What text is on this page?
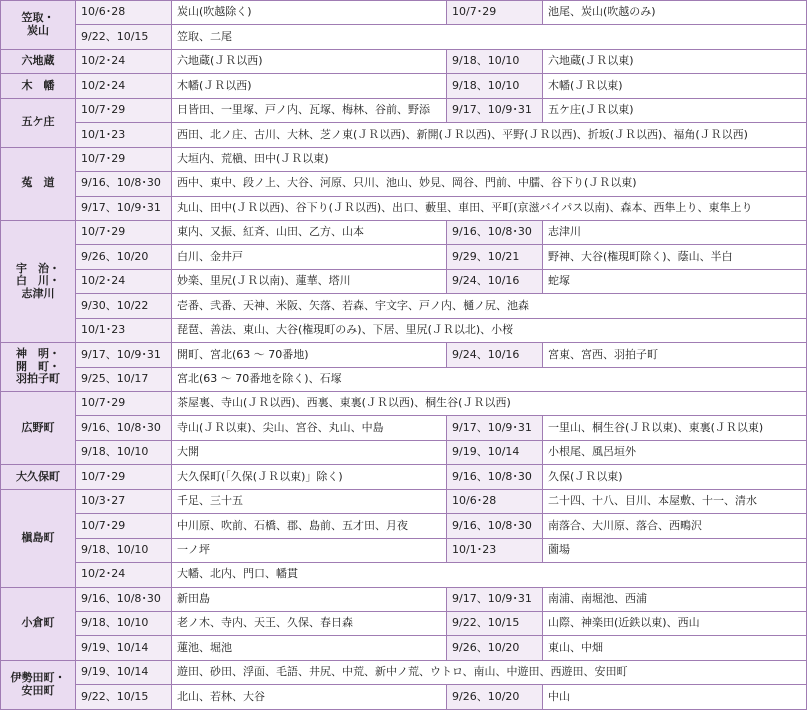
笠取・
炭山	10/6･28	炭山(吹越除く)	10/7･29	池尾、炭山(吹越のみ)
	9/22、10/15	笠取、二尾		
六地蔵	10/2･24	六地蔵(ＪＲ以西)	9/18、10/10	六地蔵(ＪＲ以東)
木　幡	10/2･24	木幡(ＪＲ以西)	9/18、10/10	木幡(ＪＲ以東)
五ケ庄	10/7･29	日皆田、一里塚、戸ノ内、瓦塚、梅林、谷前、野添	9/17、10/9･31	五ケ庄(ＪＲ以東)
	10/1･23	西田、北ノ庄、古川、大林、芝ノ東(ＪＲ以西)、新開(ＪＲ以西)、平野(ＪＲ以西)、折坂(ＪＲ以西)、福角(ＪＲ以西)		
菟　道	10/7･29	大垣内、荒槇、田中(ＪＲ以東)		
	9/16、10/8･30	西中、東中、段ノ上、大谷、河原、只川、池山、妙見、岡谷、門前、中臑、谷下り(ＪＲ以東)		
	9/17、10/9･31	丸山、田中(ＪＲ以西)、谷下り(ＪＲ以西)、出口、藪里、車田、平町(京滋バイパス以南)、森本、西隼上り、東隼上り		
宇　治・
白　川・
志津川	10/7･29	東内、又振、紅斉、山田、乙方、山本	9/16、10/8･30	志津川
	9/26、10/20	白川、金井戸	9/29、10/21	野神、大谷(権現町除く)、蔭山、半白
	10/2･24	妙楽、里尻(ＪＲ以南)、蓮華、塔川	9/24、10/16	蛇塚
	9/30、10/22	壱番、弐番、天神、米阪、矢落、若森、宇文字、戸ノ内、樋ノ尻、池森		
	10/1･23	琵琶、善法、東山、大谷(権現町のみ)、下居、里尻(ＪＲ以北)、小桜		
神　明・
開　町・
羽拍子町	9/17、10/9･31	開町、宮北(63 ～ 70番地)	9/24、10/16	宮東、宮西、羽拍子町
	9/25、10/17	宮北(63 ～ 70番地を除く)、石塚		
広野町	10/7･29	茶屋裏、寺山(ＪＲ以西)、西裏、東裏(ＪＲ以西)、桐生谷(ＪＲ以西)		
	9/16、10/8･30	寺山(ＪＲ以東)、尖山、宮谷、丸山、中島	9/17、10/9･31	一里山、桐生谷(ＪＲ以東)、東裏(ＪＲ以東)
	9/18、10/10	大開	9/19、10/14	小根尾、風呂垣外
大久保町	10/7･29	大久保町(「久保(ＪＲ以東)」除く)	9/16、10/8･30	久保(ＪＲ以東)
槇島町	10/3･27	千足、三十五	10/6･28	二十四、十八、目川、本屋敷、十一、清水
	10/7･29	中川原、吹前、石橋、郡、島前、五才田、月夜	9/16、10/8･30	南落合、大川原、落合、西鴫沢
	9/18、10/10	一ノ坪	10/1･23	薗場
	10/2･24	大幡、北内、門口、幡貫		
小倉町	9/16、10/8･30	新田島	9/17、10/9･31	南浦、南堀池、西浦
	9/18、10/10	老ノ木、寺内、天王、久保、春日森	9/22、10/15	山際、神楽田(近鉄以東)、西山
	9/19、10/14	蓮池、堀池	9/26、10/20	東山、中畑
伊勢田町・
安田町	9/19、10/14	遊田、砂田、浮面、毛語、井尻、中荒、新中ノ荒、ウトロ、南山、中遊田、西遊田、安田町		
	9/22、10/15	北山、若林、大谷	9/26、10/20	中山
